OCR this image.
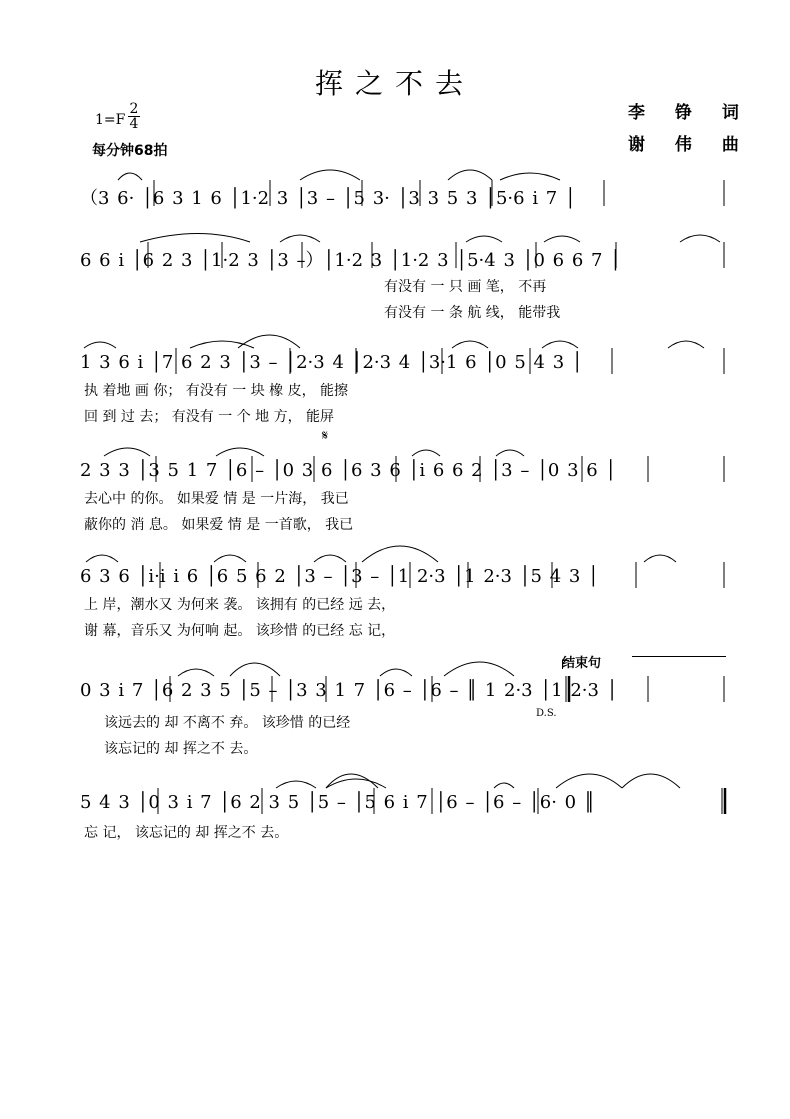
挥之不去
李 铮 词
谢 伟 曲
1=F
2
4
每分钟68拍
𝄋
结束句
D.S.
（3 6· │6 3 1 6 │1·2 3 │3 – │5 3· │3 3 5 3 │5·6 i 7 │
6 6 i │6 2 3 │1·2 3 │3 –）│1·2 3 │1·2 3 │5·4 3 │0 6 6 7 │
有没有 一 只 画 笔， 不再
有没有 一 条 航 线， 能带我
1 3 6 i │7 6 2 3 │3 – │2·3 4 │2·3 4 │3·1 6 │0 5 4 3 │
执 着地 画 你； 有没有 一 块 橡 皮， 能擦
回 到 过 去； 有没有 一 个 地 方， 能屏
2 3 3 │3 5 1 7 │6 – │0 3 6 │6 3 6 │i 6 6 2 │3 – │0 3 6 │
去心中 的你。 如果爱 情 是 一片海， 我已
蔽你的 消 息。 如果爱 情 是 一首歌， 我已
6 3 6 │i·i i 6 │6 5 6 2 │3 – │3 – │1 2·3 │1 2·3 │5 4 3 │
上 岸，潮水又 为何来 袭。 该拥有 的已经 远 去，
谢 幕，音乐又 为何响 起。 该珍惜 的已经 忘 记，
0 3 i 7 │6 2 3 5 │5 – │3 3 1 7 │6 – │6 – ║ 1 2·3 │1 2·3 │
该远去的 却 不离不 弃。 该珍惜 的已经
该忘记的 却 挥之不 去。
5 4 3 │0 3 i 7 │6 2 3 5 │5 – │5 6 i 7 │6 – │6 – │6· 0 ║
忘 记， 该忘记的 却 挥之不 去。
